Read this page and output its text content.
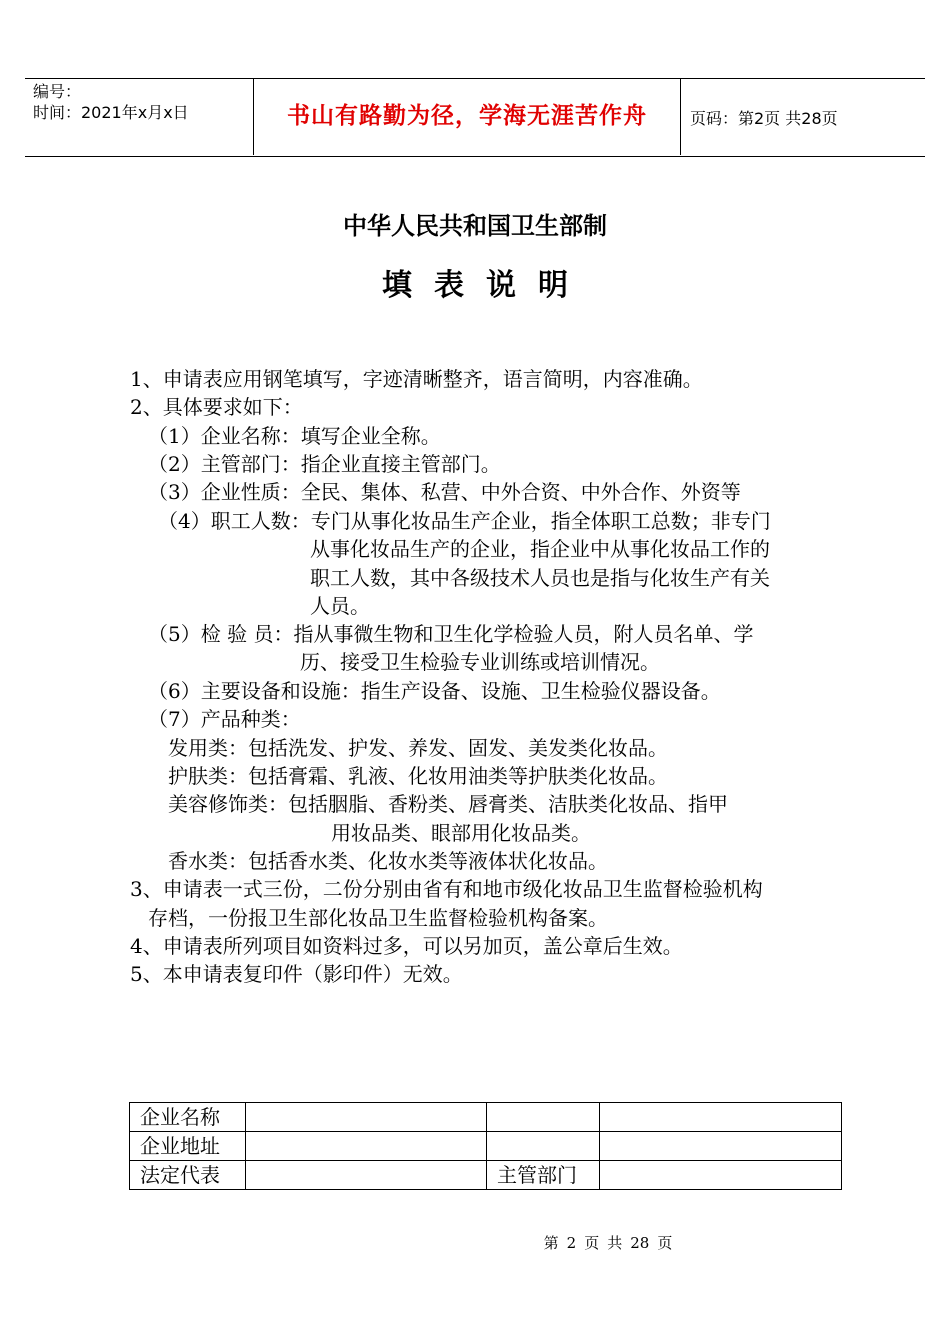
编号：
时间：2021年x月x日	书山有路勤为径，学海无涯苦作舟	页码：第2页 共28页
中华人民共和国卫生部制
填表说明
1、申请表应用钢笔填写，字迹清晰整齐，语言简明，内容准确。
2、具体要求如下：
（1）企业名称：填写企业全称。
（2）主管部门：指企业直接主管部门。
（3）企业性质：全民、集体、私营、中外合资、中外合作、外资等
（4）职工人数：专门从事化妆品生产企业，指全体职工总数；非专门
从事化妆品生产的企业，指企业中从事化妆品工作的
职工人数，其中各级技术人员也是指与化妆生产有关
人员。
（5）检 验 员：指从事微生物和卫生化学检验人员，附人员名单、学
历、接受卫生检验专业训练或培训情况。
（6）主要设备和设施：指生产设备、设施、卫生检验仪器设备。
（7）产品种类：
发用类：包括洗发、护发、养发、固发、美发类化妆品。
护肤类：包括膏霜、乳液、化妆用油类等护肤类化妆品。
美容修饰类：包括胭脂、香粉类、唇膏类、洁肤类化妆品、指甲
用妆品类、眼部用化妆品类。
香水类：包括香水类、化妆水类等液体状化妆品。
3、申请表一式三份，二份分别由省有和地市级化妆品卫生监督检验机构
存档，一份报卫生部化妆品卫生监督检验机构备案。
4、申请表所列项目如资料过多，可以另加页，盖公章后生效。
5、本申请表复印件（影印件）无效。
企业名称			
企业地址			
法定代表		主管部门	
第 2 页 共 28 页
